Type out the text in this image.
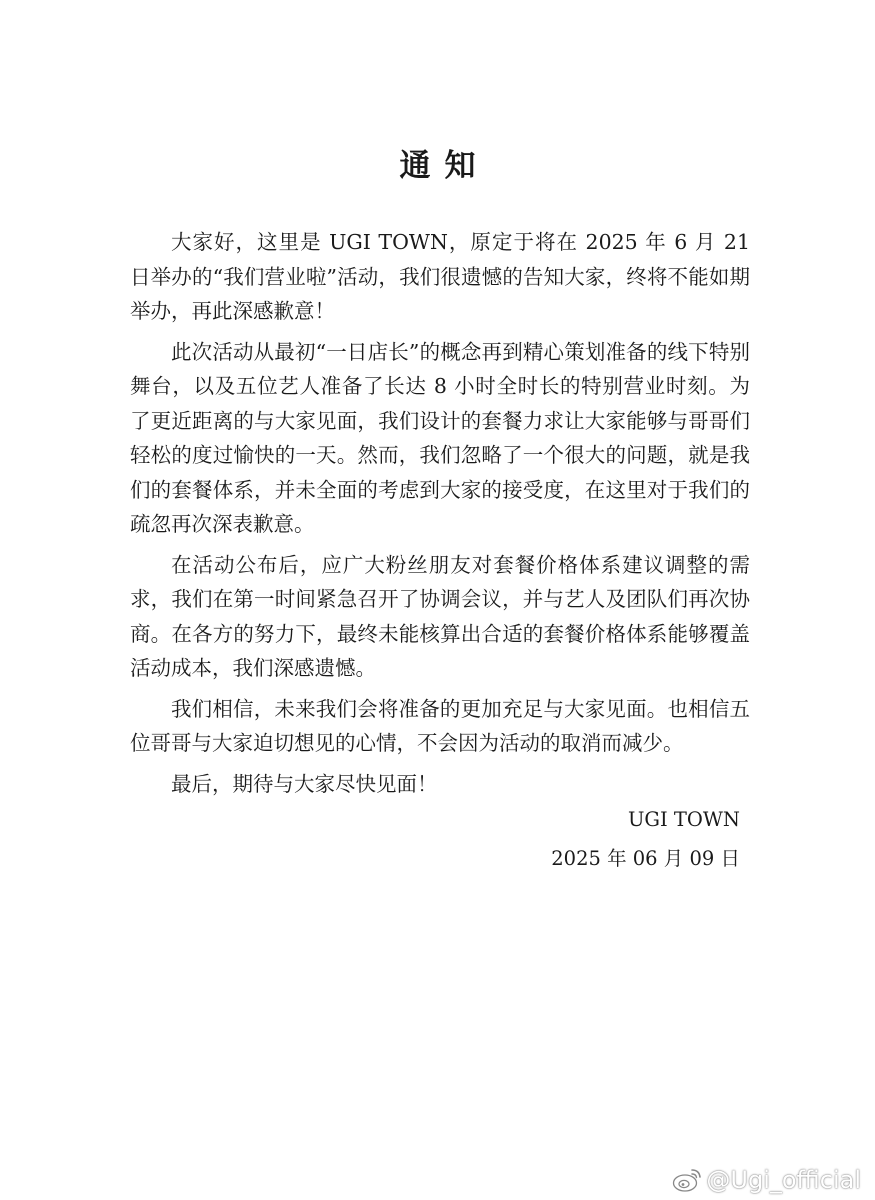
通知

大家好，这里是 UGI TOWN，原定于将在 2025 年 6 月 21 日举办的“我们营业啦”活动，我们很遗憾的告知大家，终将不能如期举办，再此深感歉意！

此次活动从最初“一日店长”的概念再到精心策划准备的线下特别舞台，以及五位艺人准备了长达 8 小时全时长的特别营业时刻。为了更近距离的与大家见面，我们设计的套餐力求让大家能够与哥哥们轻松的度过愉快的一天。然而，我们忽略了一个很大的问题，就是我们的套餐体系，并未全面的考虑到大家的接受度，在这里对于我们的疏忽再次深表歉意。

在活动公布后，应广大粉丝朋友对套餐价格体系建议调整的需求，我们在第一时间紧急召开了协调会议，并与艺人及团队们再次协商。在各方的努力下，最终未能核算出合适的套餐价格体系能够覆盖活动成本，我们深感遗憾。

我们相信，未来我们会将准备的更加充足与大家见面。也相信五位哥哥与大家迫切想见的心情，不会因为活动的取消而减少。

最后，期待与大家尽快见面！

UGI TOWN
2025 年 06 月 09 日
@Ugi_official
